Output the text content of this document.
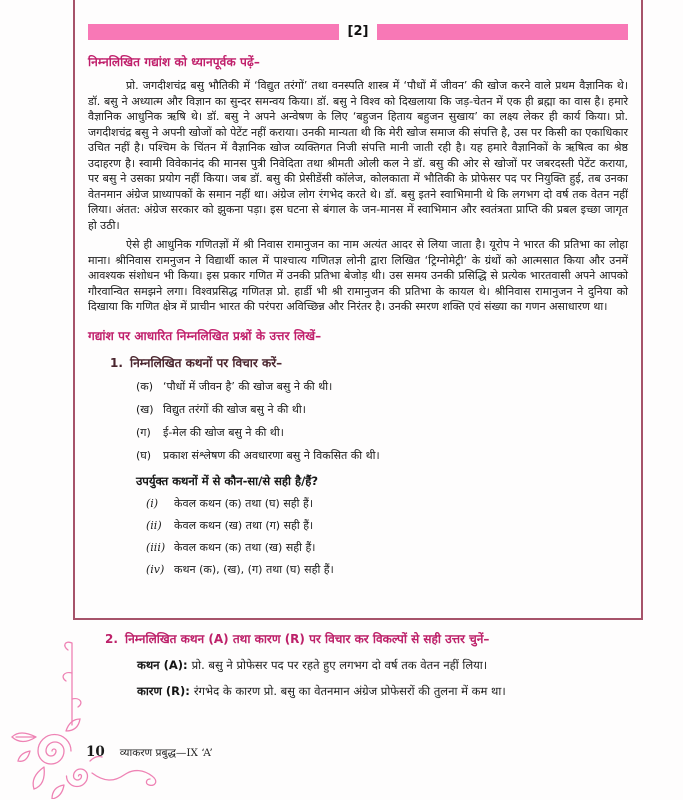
[2]
निम्नलिखित गद्यांश को ध्यानपूर्वक पढ़ें–

प्रो. जगदीशचंद्र बसु भौतिकी में ‘विद्युत तरंगों’ तथा वनस्पति शास्त्र में ‘पौधों में जीवन’ की खोज करने वाले प्रथम वैज्ञानिक थे। डॉ. बसु ने अध्यात्म और विज्ञान का सुन्दर समन्वय किया। डॉ. बसु ने विश्व को दिखलाया कि जड़-चेतन में एक ही ब्रह्मा का वास है। हमारे वैज्ञानिक आधुनिक ऋषि थे। डॉ. बसु ने अपने अन्वेषण के लिए ‘बहुजन हिताय बहुजन सुखाय’ का लक्ष्य लेकर ही कार्य किया। प्रो. जगदीशचंद्र बसु ने अपनी खोजों को पेटेंट नहीं कराया। उनकी मान्यता थी कि मेरी खोज समाज की संपत्ति है, उस पर किसी का एकाधिकार उचित नहीं है। पश्चिम के चिंतन में वैज्ञानिक खोज व्यक्तिगत निजी संपत्ति मानी जाती रही है। यह हमारे वैज्ञानिकों के ऋषित्व का श्रेष्ठ उदाहरण है। स्वामी विवेकानंद की मानस पुत्री निवेदिता तथा श्रीमती ओली कल ने डॉ. बसु की ओर से खोजों पर जबरदस्ती पेटेंट कराया, पर बसु ने उसका प्रयोग नहीं किया। जब डॉ. बसु की प्रेसीडेंसी कॉलेज, कोलकाता में भौतिकी के प्रोफेसर पद पर नियुक्ति हुई, तब उनका वेतनमान अंग्रेज प्राध्यापकों के समान नहीं था। अंग्रेज लोग रंगभेद करते थे। डॉ. बसु इतने स्वाभिमानी थे कि लगभग दो वर्ष तक वेतन नहीं लिया। अंतत: अंग्रेज सरकार को झुकना पड़ा। इस घटना से बंगाल के जन-मानस में स्वाभिमान और स्वतंत्रता प्राप्ति की प्रबल इच्छा जागृत हो उठी।

ऐसे ही आधुनिक गणितज्ञों में श्री निवास रामानुजन का नाम अत्यंत आदर से लिया जाता है। यूरोप ने भारत की प्रतिभा का लोहा माना। श्रीनिवास रामनुजन ने विद्यार्थी काल में पाश्चात्य गणितज्ञ लोनी द्वारा लिखित ‘ट्रिग्नोमेट्री’ के ग्रंथों को आत्मसात किया और उनमें आवश्यक संशोधन भी किया। इस प्रकार गणित में उनकी प्रतिभा बेजोड़ थी। उस समय उनकी प्रसिद्धि से प्रत्येक भारतवासी अपने आपको गौरवान्वित समझने लगा। विश्वप्रसिद्ध गणितज्ञ प्रो. हार्डी भी श्री रामानुजन की प्रतिभा के कायल थे। श्रीनिवास रामानुजन ने दुनिया को दिखाया कि गणित क्षेत्र में प्राचीन भारत की परंपरा अविच्छिन्न और निरंतर है। उनकी स्मरण शक्ति एवं संख्या का गणन असाधारण था।

गद्यांश पर आधारित निम्नलिखित प्रश्नों के उत्तर लिखें–
1. निम्नलिखित कथनों पर विचार करें–
(क) ‘पौधों में जीवन है’ की खोज बसु ने की थी।
(ख) विद्युत तरंगों की खोज बसु ने की थी।
(ग) ई-मेल की खोज बसु ने की थी।
(घ) प्रकाश संश्लेषण की अवधारणा बसु ने विकसित की थी।
उपर्युक्त कथनों में से कौन-सा/से सही है/हैं?
(i) केवल कथन (क) तथा (घ) सही हैं।
(ii) केवल कथन (ख) तथा (ग) सही हैं।
(iii) केवल कथन (क) तथा (ख) सही हैं।
(iv) कथन (क), (ख), (ग) तथा (घ) सही हैं।
2. निम्नलिखित कथन (A) तथा कारण (R) पर विचार कर विकल्पों से सही उत्तर चुनें–
कथन (A): प्रो. बसु ने प्रोफेसर पद पर रहते हुए लगभग दो वर्ष तक वेतन नहीं लिया।
कारण (R): रंगभेद के कारण प्रो. बसु का वेतनमान अंग्रेज प्रोफेसरों की तुलना में कम था।
10 व्याकरण प्रबुद्ध—IX ‘A’
